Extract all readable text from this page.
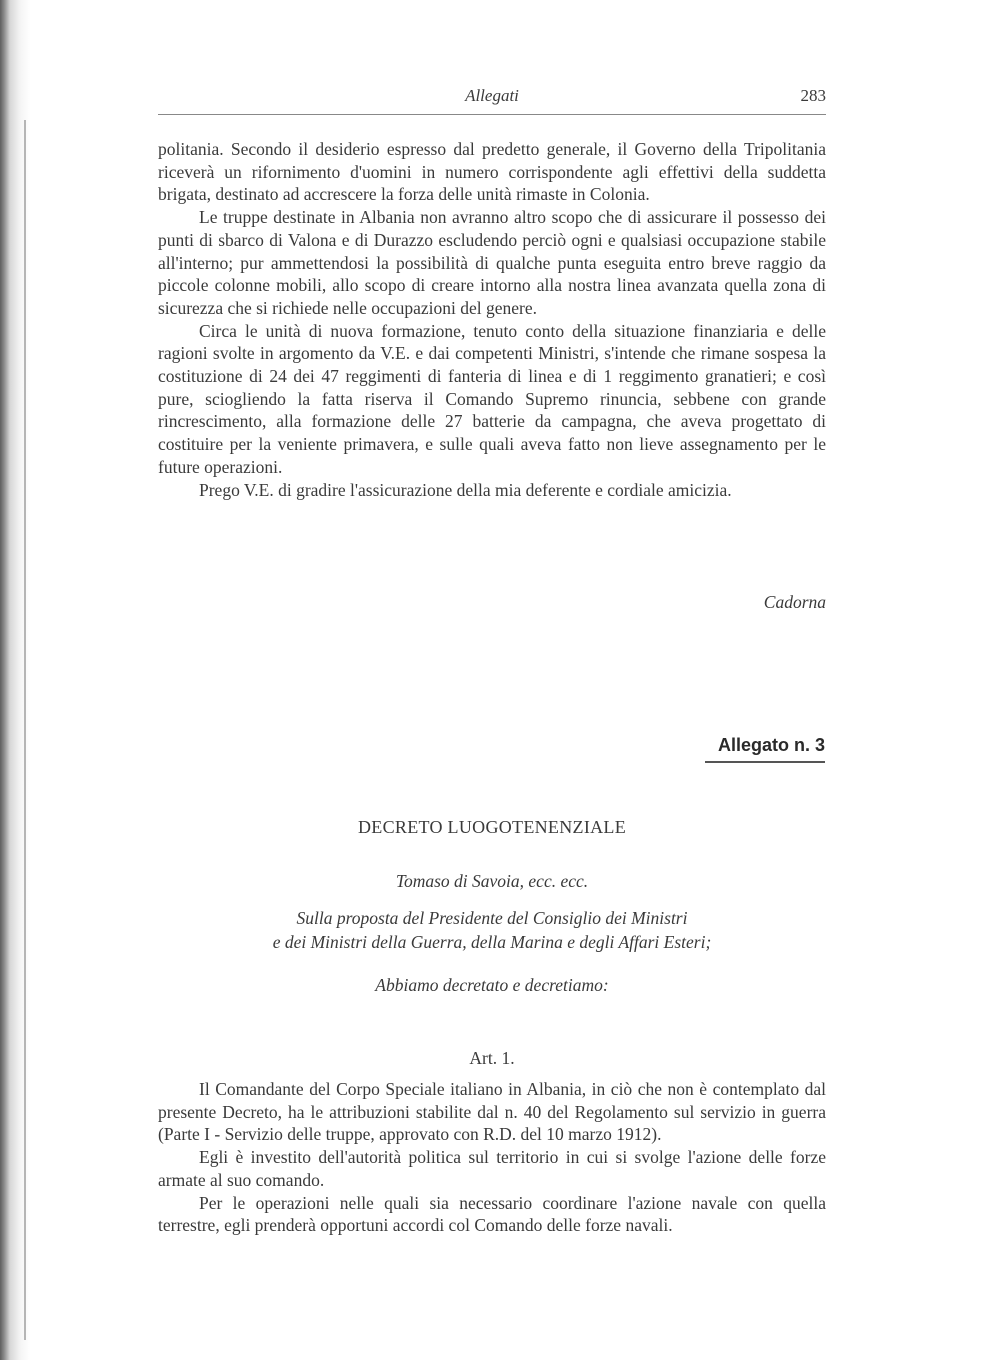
Allegati	283

politania. Secondo il desiderio espresso dal predetto generale, il Governo della Tripolitania riceverà un rifornimento d'uomini in numero corrispondente agli effettivi della suddetta brigata, destinato ad accrescere la forza delle unità rimaste in Colonia.

Le truppe destinate in Albania non avranno altro scopo che di assicurare il possesso dei punti di sbarco di Valona e di Durazzo escludendo perciò ogni e qualsiasi occupazione stabile all'interno; pur ammettendosi la possibilità di qualche punta eseguita entro breve raggio da piccole colonne mobili, allo scopo di creare intorno alla nostra linea avanzata quella zona di sicurezza che si richiede nelle occupazioni del genere.

Circa le unità di nuova formazione, tenuto conto della situazione finanziaria e delle ragioni svolte in argomento da V.E. e dai competenti Ministri, s'intende che rimane sospesa la costituzione di 24 dei 47 reggimenti di fanteria di linea e di 1 reggimento granatieri; e così pure, sciogliendo la fatta riserva il Comando Supremo rinuncia, sebbene con grande rincrescimento, alla formazione delle 27 batterie da campagna, che aveva progettato di costituire per la veniente primavera, e sulle quali aveva fatto non lieve assegnamento per le future operazioni.

Prego V.E. di gradire l'assicurazione della mia deferente e cordiale amicizia.

Cadorna
Allegato n. 3
DECRETO LUOGOTENENZIALE
Tomaso di Savoia, ecc. ecc.
Sulla proposta del Presidente del Consiglio dei Ministri
e dei Ministri della Guerra, della Marina e degli Affari Esteri;
Abbiamo decretato e decretiamo:
Art. 1.

Il Comandante del Corpo Speciale italiano in Albania, in ciò che non è contemplato dal presente Decreto, ha le attribuzioni stabilite dal n. 40 del Regolamento sul servizio in guerra (Parte I - Servizio delle truppe, approvato con R.D. del 10 marzo 1912).

Egli è investito dell'autorità politica sul territorio in cui si svolge l'azione delle forze armate al suo comando.

Per le operazioni nelle quali sia necessario coordinare l'azione navale con quella terrestre, egli prenderà opportuni accordi col Comando delle forze navali.
